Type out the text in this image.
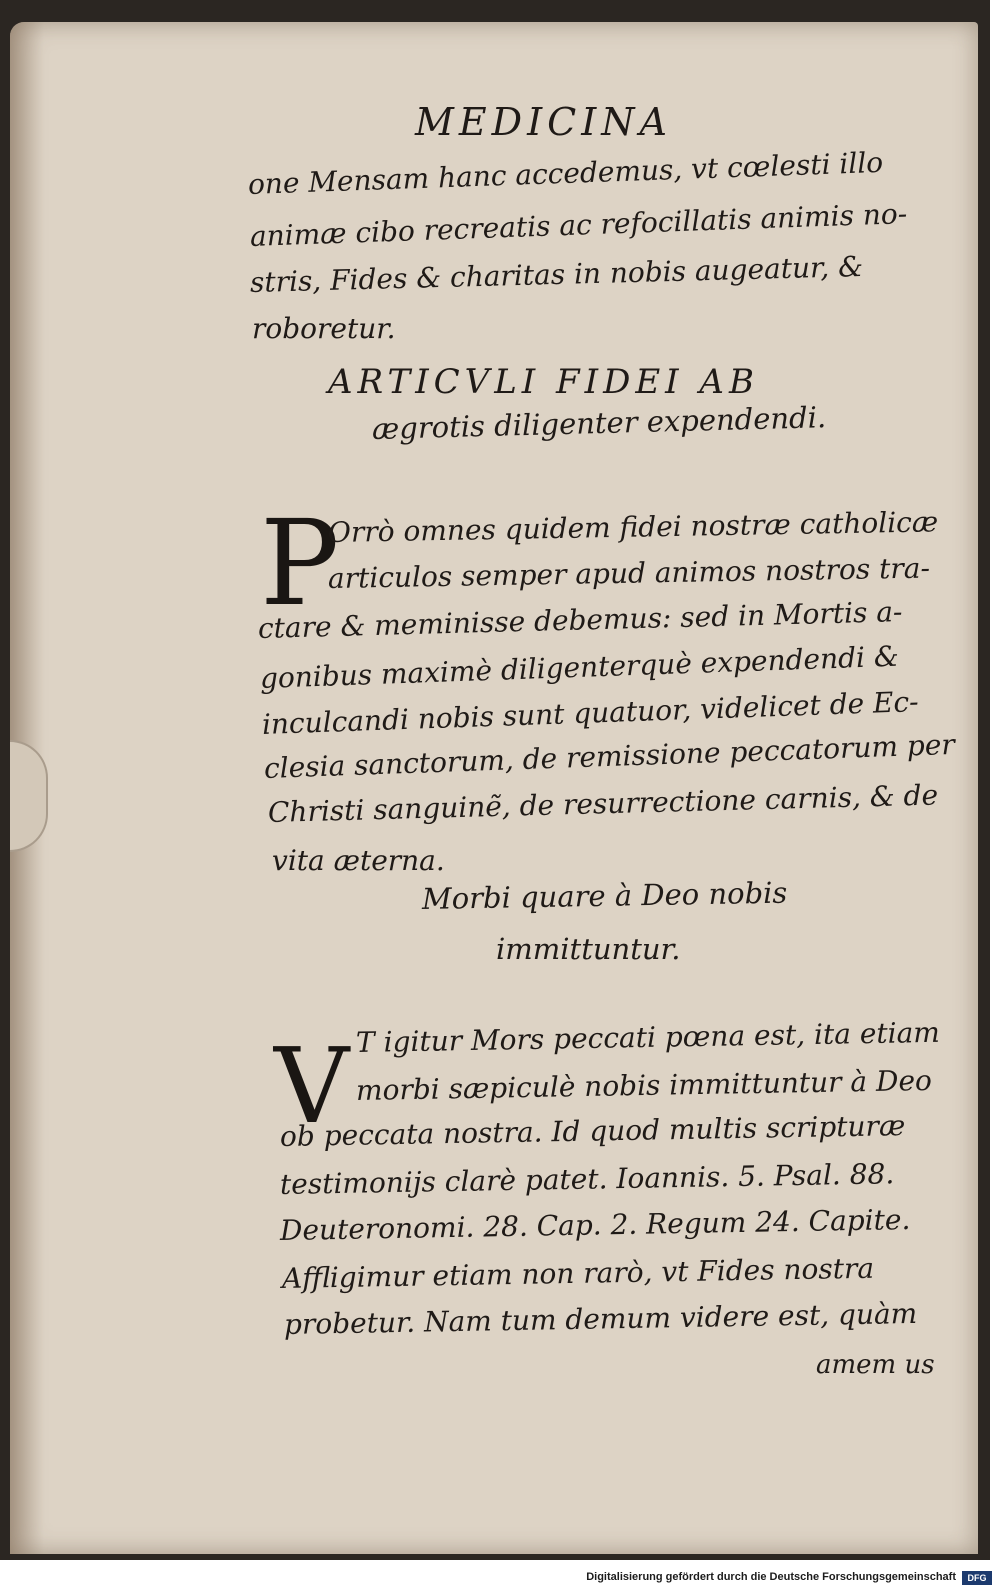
MEDICINA
one Mensam hanc accedemus, vt cœlesti illo
animæ cibo recreatis ac refocillatis animis no-
stris, Fides & charitas in nobis augeatur, &
roboretur.
ARTICVLI FIDEI AB
ægrotis diligenter expendendi.
P
Orrò omnes quidem fidei nostræ catholicæ
articulos semper apud animos nostros tra-
ctare & meminisse debemus: sed in Mortis a-
gonibus maximè diligenterquè expendendi &
inculcandi nobis sunt quatuor, videlicet de Ec-
clesia sanctorum, de remissione peccatorum per
Christi sanguinẽ, de resurrectione carnis, & de
vita æterna.
Morbi quare à Deo nobis
immittuntur.
V T igitur Mors peccati pœna est, ita etiam
morbi sæpiculè nobis immittuntur à Deo
ob peccata nostra. Id quod multis scripturæ
testimonijs clarè patet. Ioannis. 5. Psal. 88.
Deuteronomi. 28. Cap. 2. Regum 24. Capite.
Affligimur etiam non rarò, vt Fides nostra
probetur. Nam tum demum videre est, quàm
amem us
Digitalisierung gefördert durch die Deutsche Forschungsgemeinschaft	DFG
